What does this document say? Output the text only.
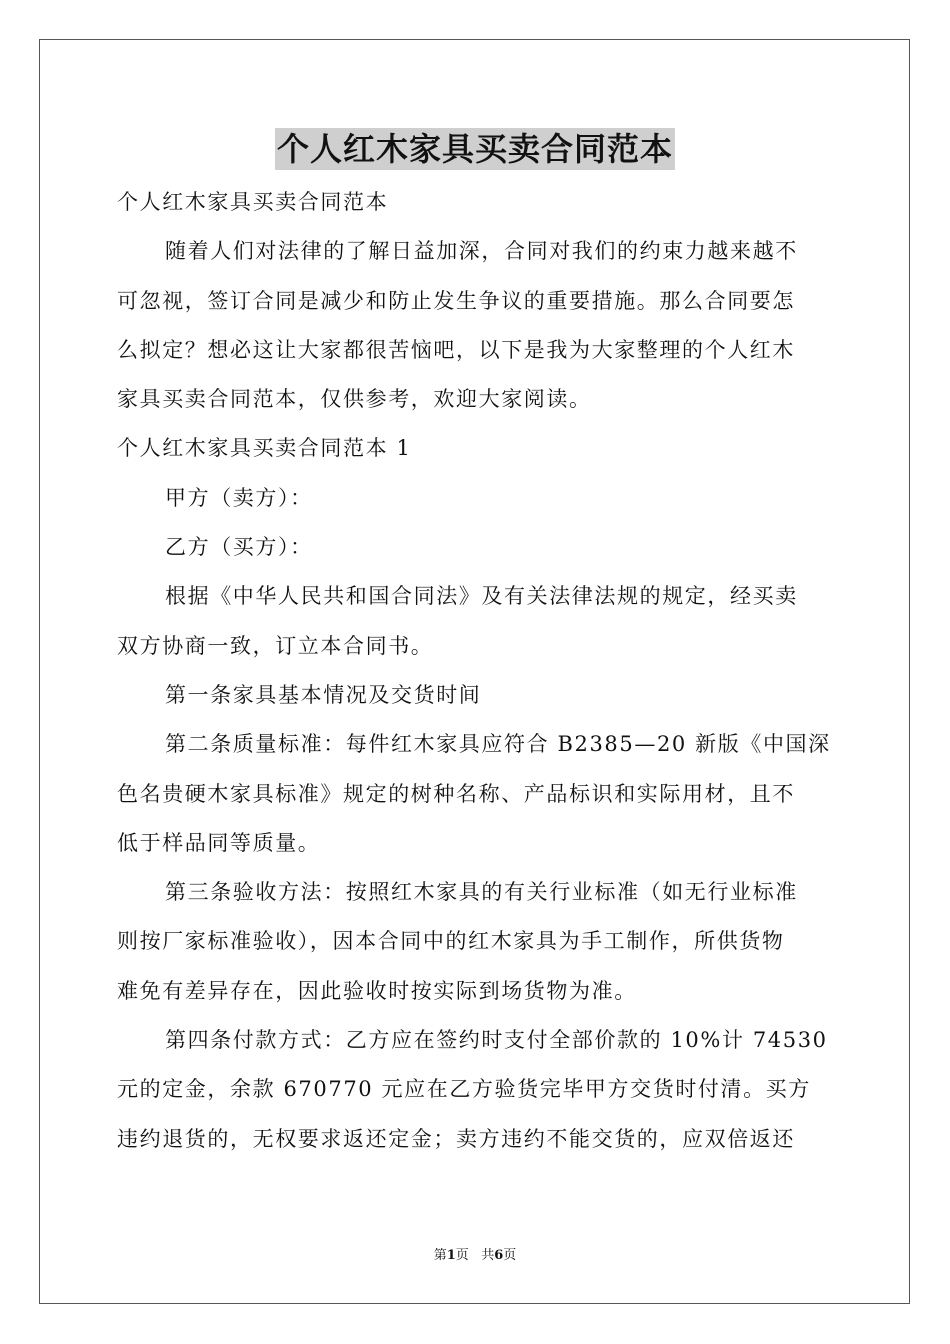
个人红木家具买卖合同范本
个人红木家具买卖合同范本
随着人们对法律的了解日益加深，合同对我们的约束力越来越不
可忽视，签订合同是减少和防止发生争议的重要措施。那么合同要怎
么拟定？想必这让大家都很苦恼吧，以下是我为大家整理的个人红木
家具买卖合同范本，仅供参考，欢迎大家阅读。
个人红木家具买卖合同范本 1
甲方（卖方）：
乙方（买方）：
根据《中华人民共和国合同法》及有关法律法规的规定，经买卖
双方协商一致，订立本合同书。
第一条家具基本情况及交货时间
第二条质量标准：每件红木家具应符合 B2385—20 新版《中国深
色名贵硬木家具标准》规定的树种名称、产品标识和实际用材，且不
低于样品同等质量。
第三条验收方法：按照红木家具的有关行业标准（如无行业标准
则按厂家标准验收），因本合同中的红木家具为手工制作，所供货物
难免有差异存在，因此验收时按实际到场货物为准。
第四条付款方式：乙方应在签约时支付全部价款的 10%计 74530
元的定金，余款 670770 元应在乙方验货完毕甲方交货时付清。买方
违约退货的，无权要求返还定金；卖方违约不能交货的，应双倍返还
第1页 共6页
